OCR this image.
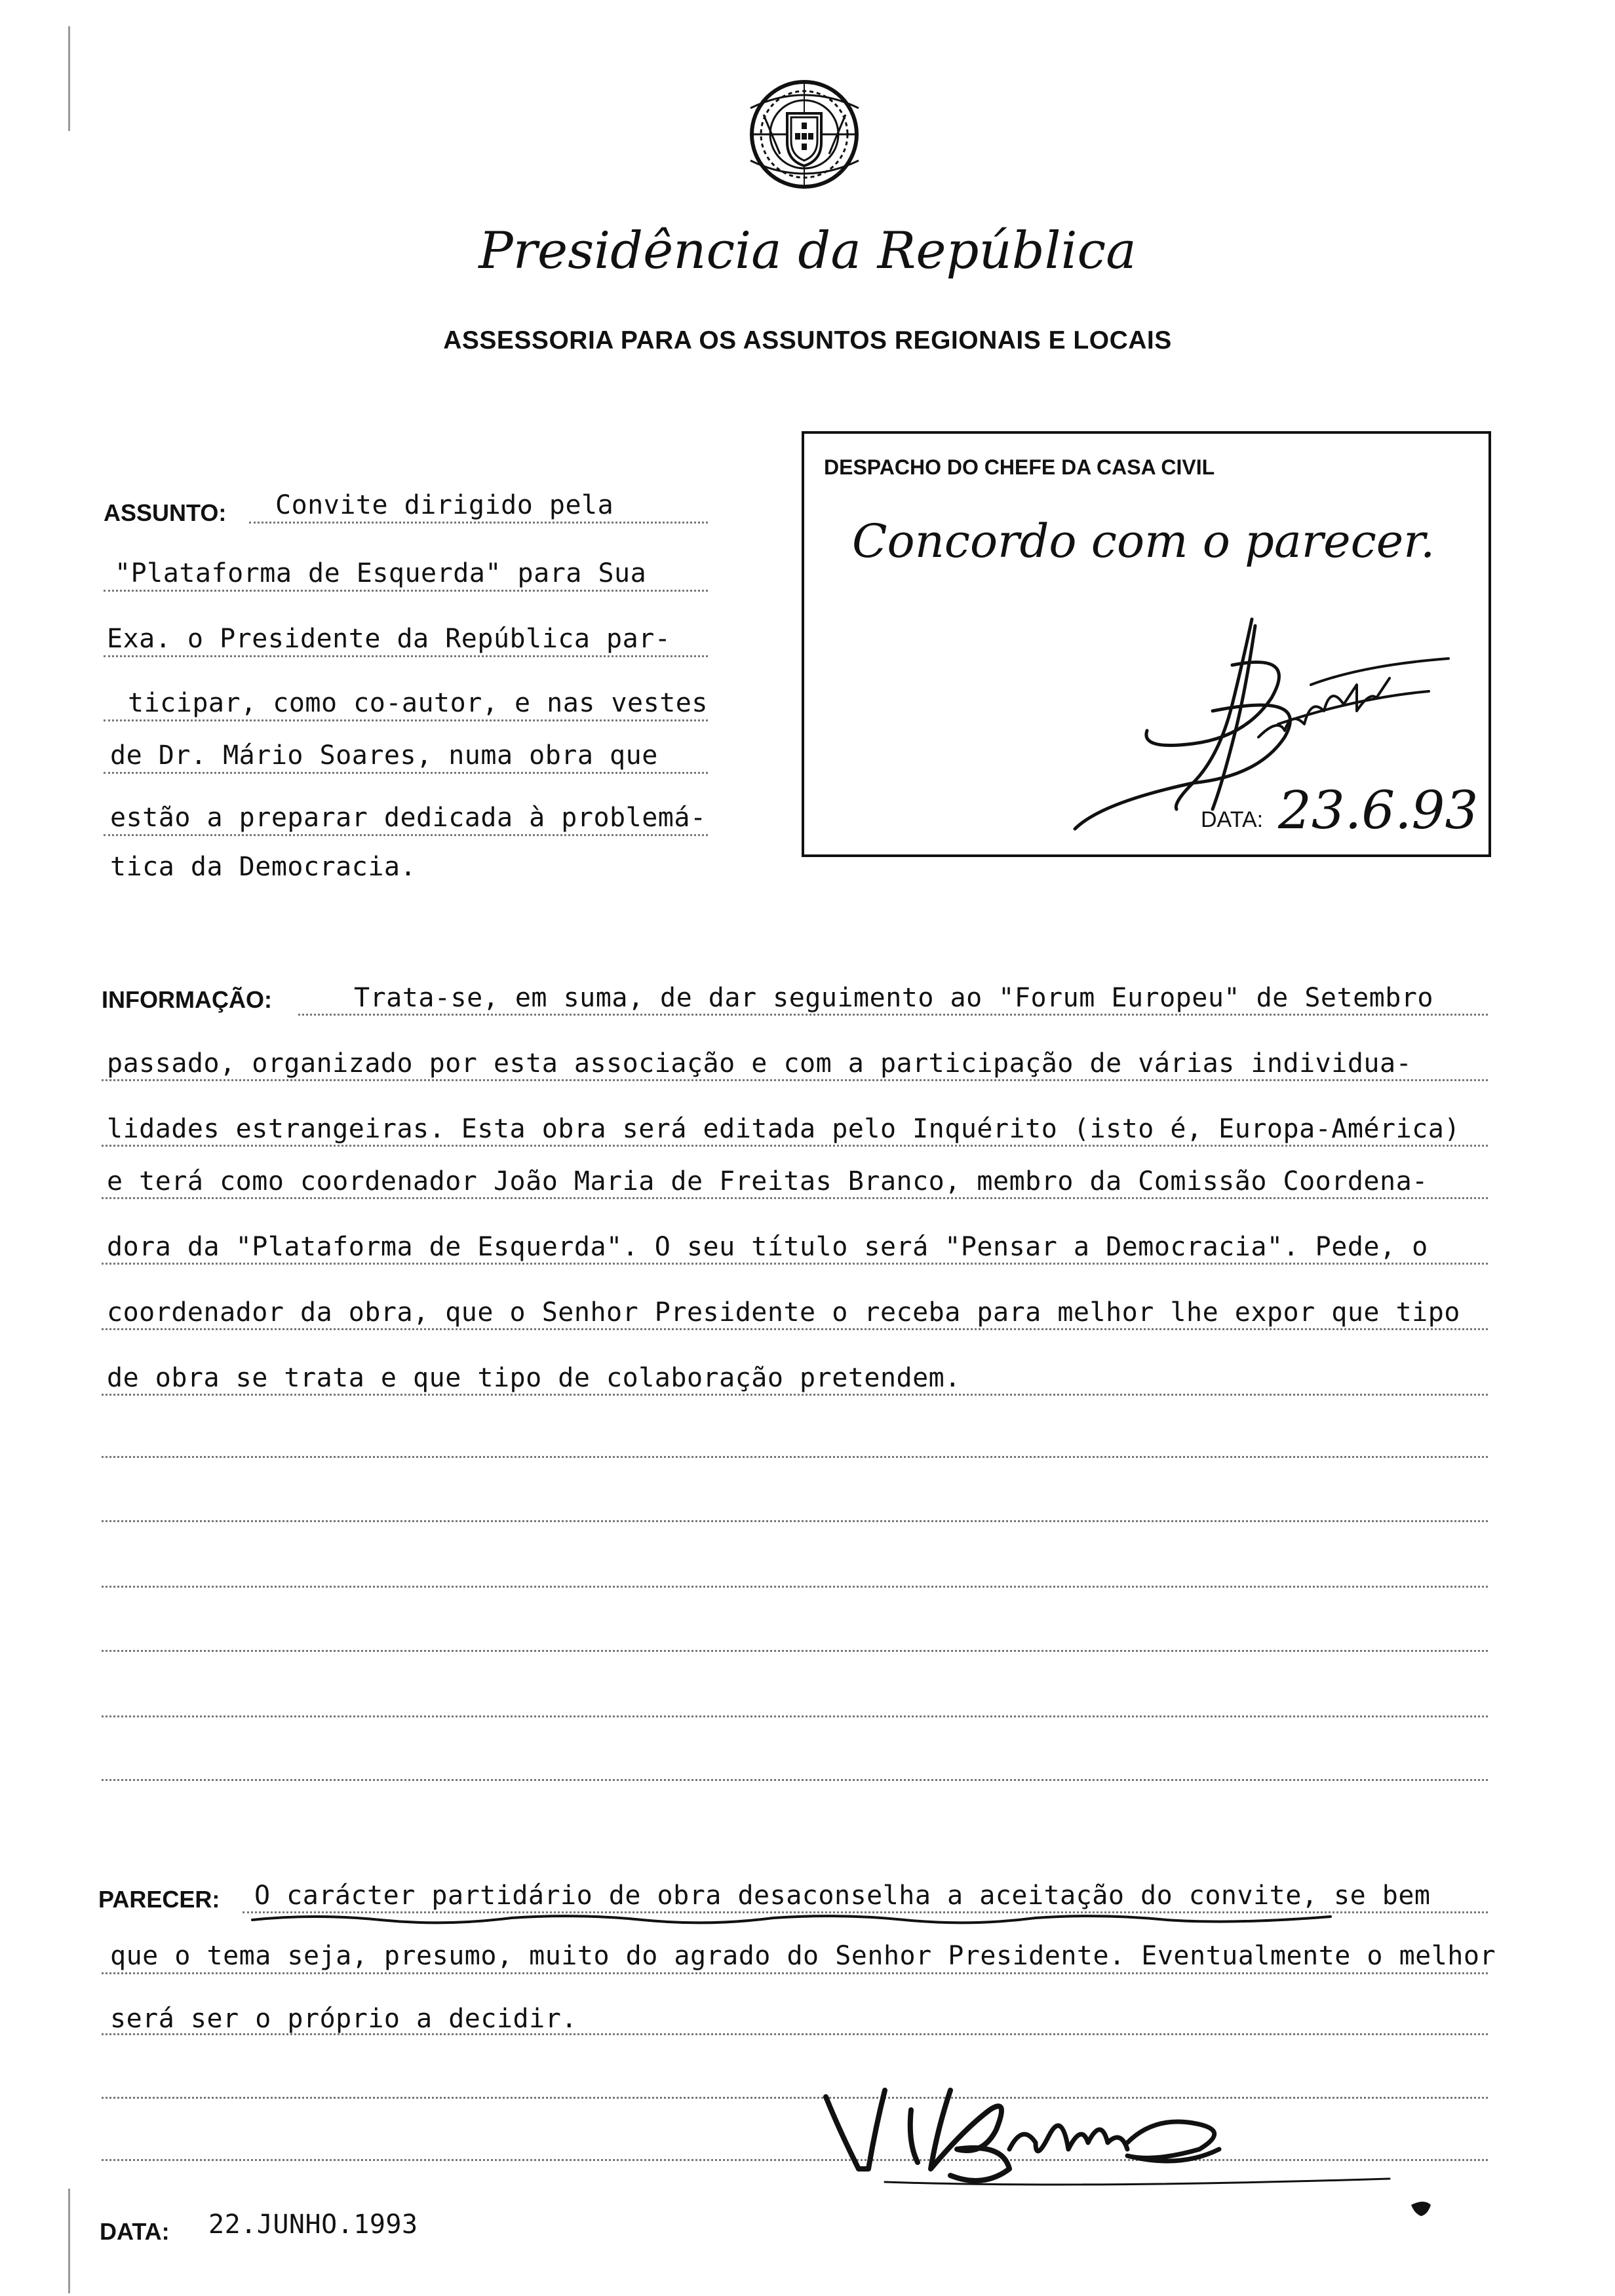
Presidência da República
ASSESSORIA PARA OS ASSUNTOS REGIONAIS E LOCAIS
DESPACHO DO CHEFE DA CASA CIVIL
Concordo com o parecer.
DATA: 23.6.93
ASSUNTO: Convite dirigido pela
"Plataforma de Esquerda" para Sua
Exa. o Presidente da República par-
ticipar, como co-autor, e nas vestes
de Dr. Mário Soares, numa obra que
estão a preparar dedicada à problemá-
tica da Democracia.
INFORMAÇÃO:	Trata-se, em suma, de dar seguimento ao "Forum Europeu" de Setembro
passado, organizado por esta associação e com a participação de várias individua-
lidades estrangeiras. Esta obra será editada pelo Inquérito (isto é, Europa-América)
e terá como coordenador João Maria de Freitas Branco, membro da Comissão Coordena-
dora da "Plataforma de Esquerda". O seu título será "Pensar a Democracia". Pede, o
coordenador da obra, que o Senhor Presidente o receba para melhor lhe expor que tipo
de obra se trata e que tipo de colaboração pretendem.
PARECER: O carácter partidário de obra desaconselha a aceitação do convite, se bem
que o tema seja, presumo, muito do agrado do Senhor Presidente. Eventualmente o melhor
será ser o próprio a decidir.
DATA: 22.JUNHO.1993
